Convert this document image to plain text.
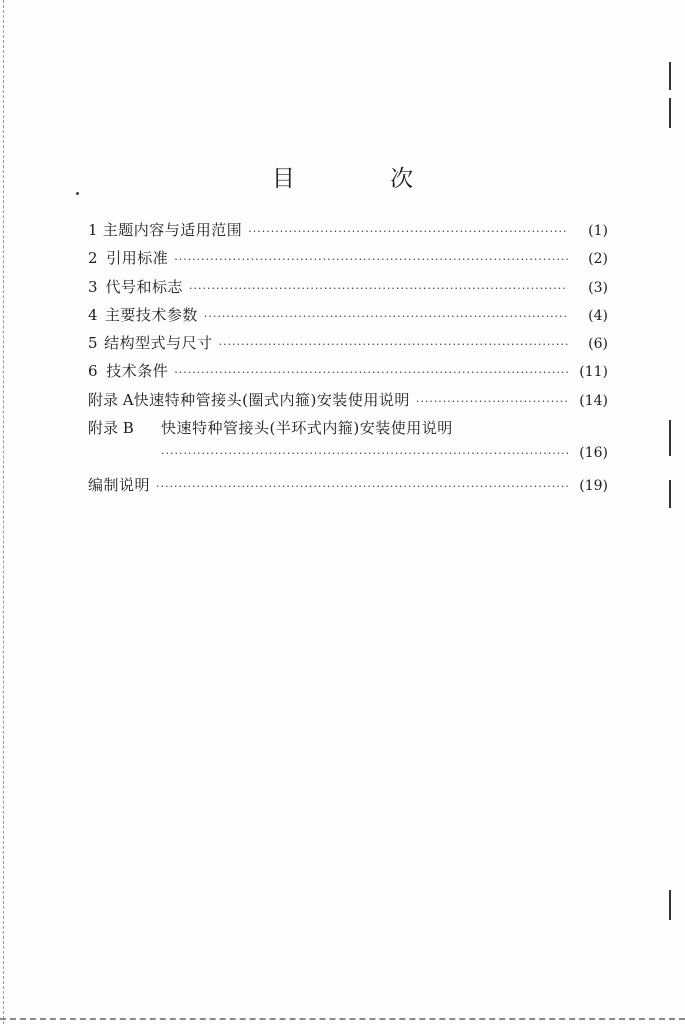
目 次
1 主题内容与适用范围 ·····	(1)
2 引用标准 ·····	(2)
3 代号和标志 ·····	(3)
4 主要技术参数 ·····	(4)
5 结构型式与尺寸 ·····	(6)
6 技术条件 ·····	(11)
附录 A 快速特种管接头(圈式内箍)安装使用说明 ·····	(14)
附录 B	快速特种管接头(半环式内箍)安装使用说明
·····
(16)
编制说明 ·····	(19)
